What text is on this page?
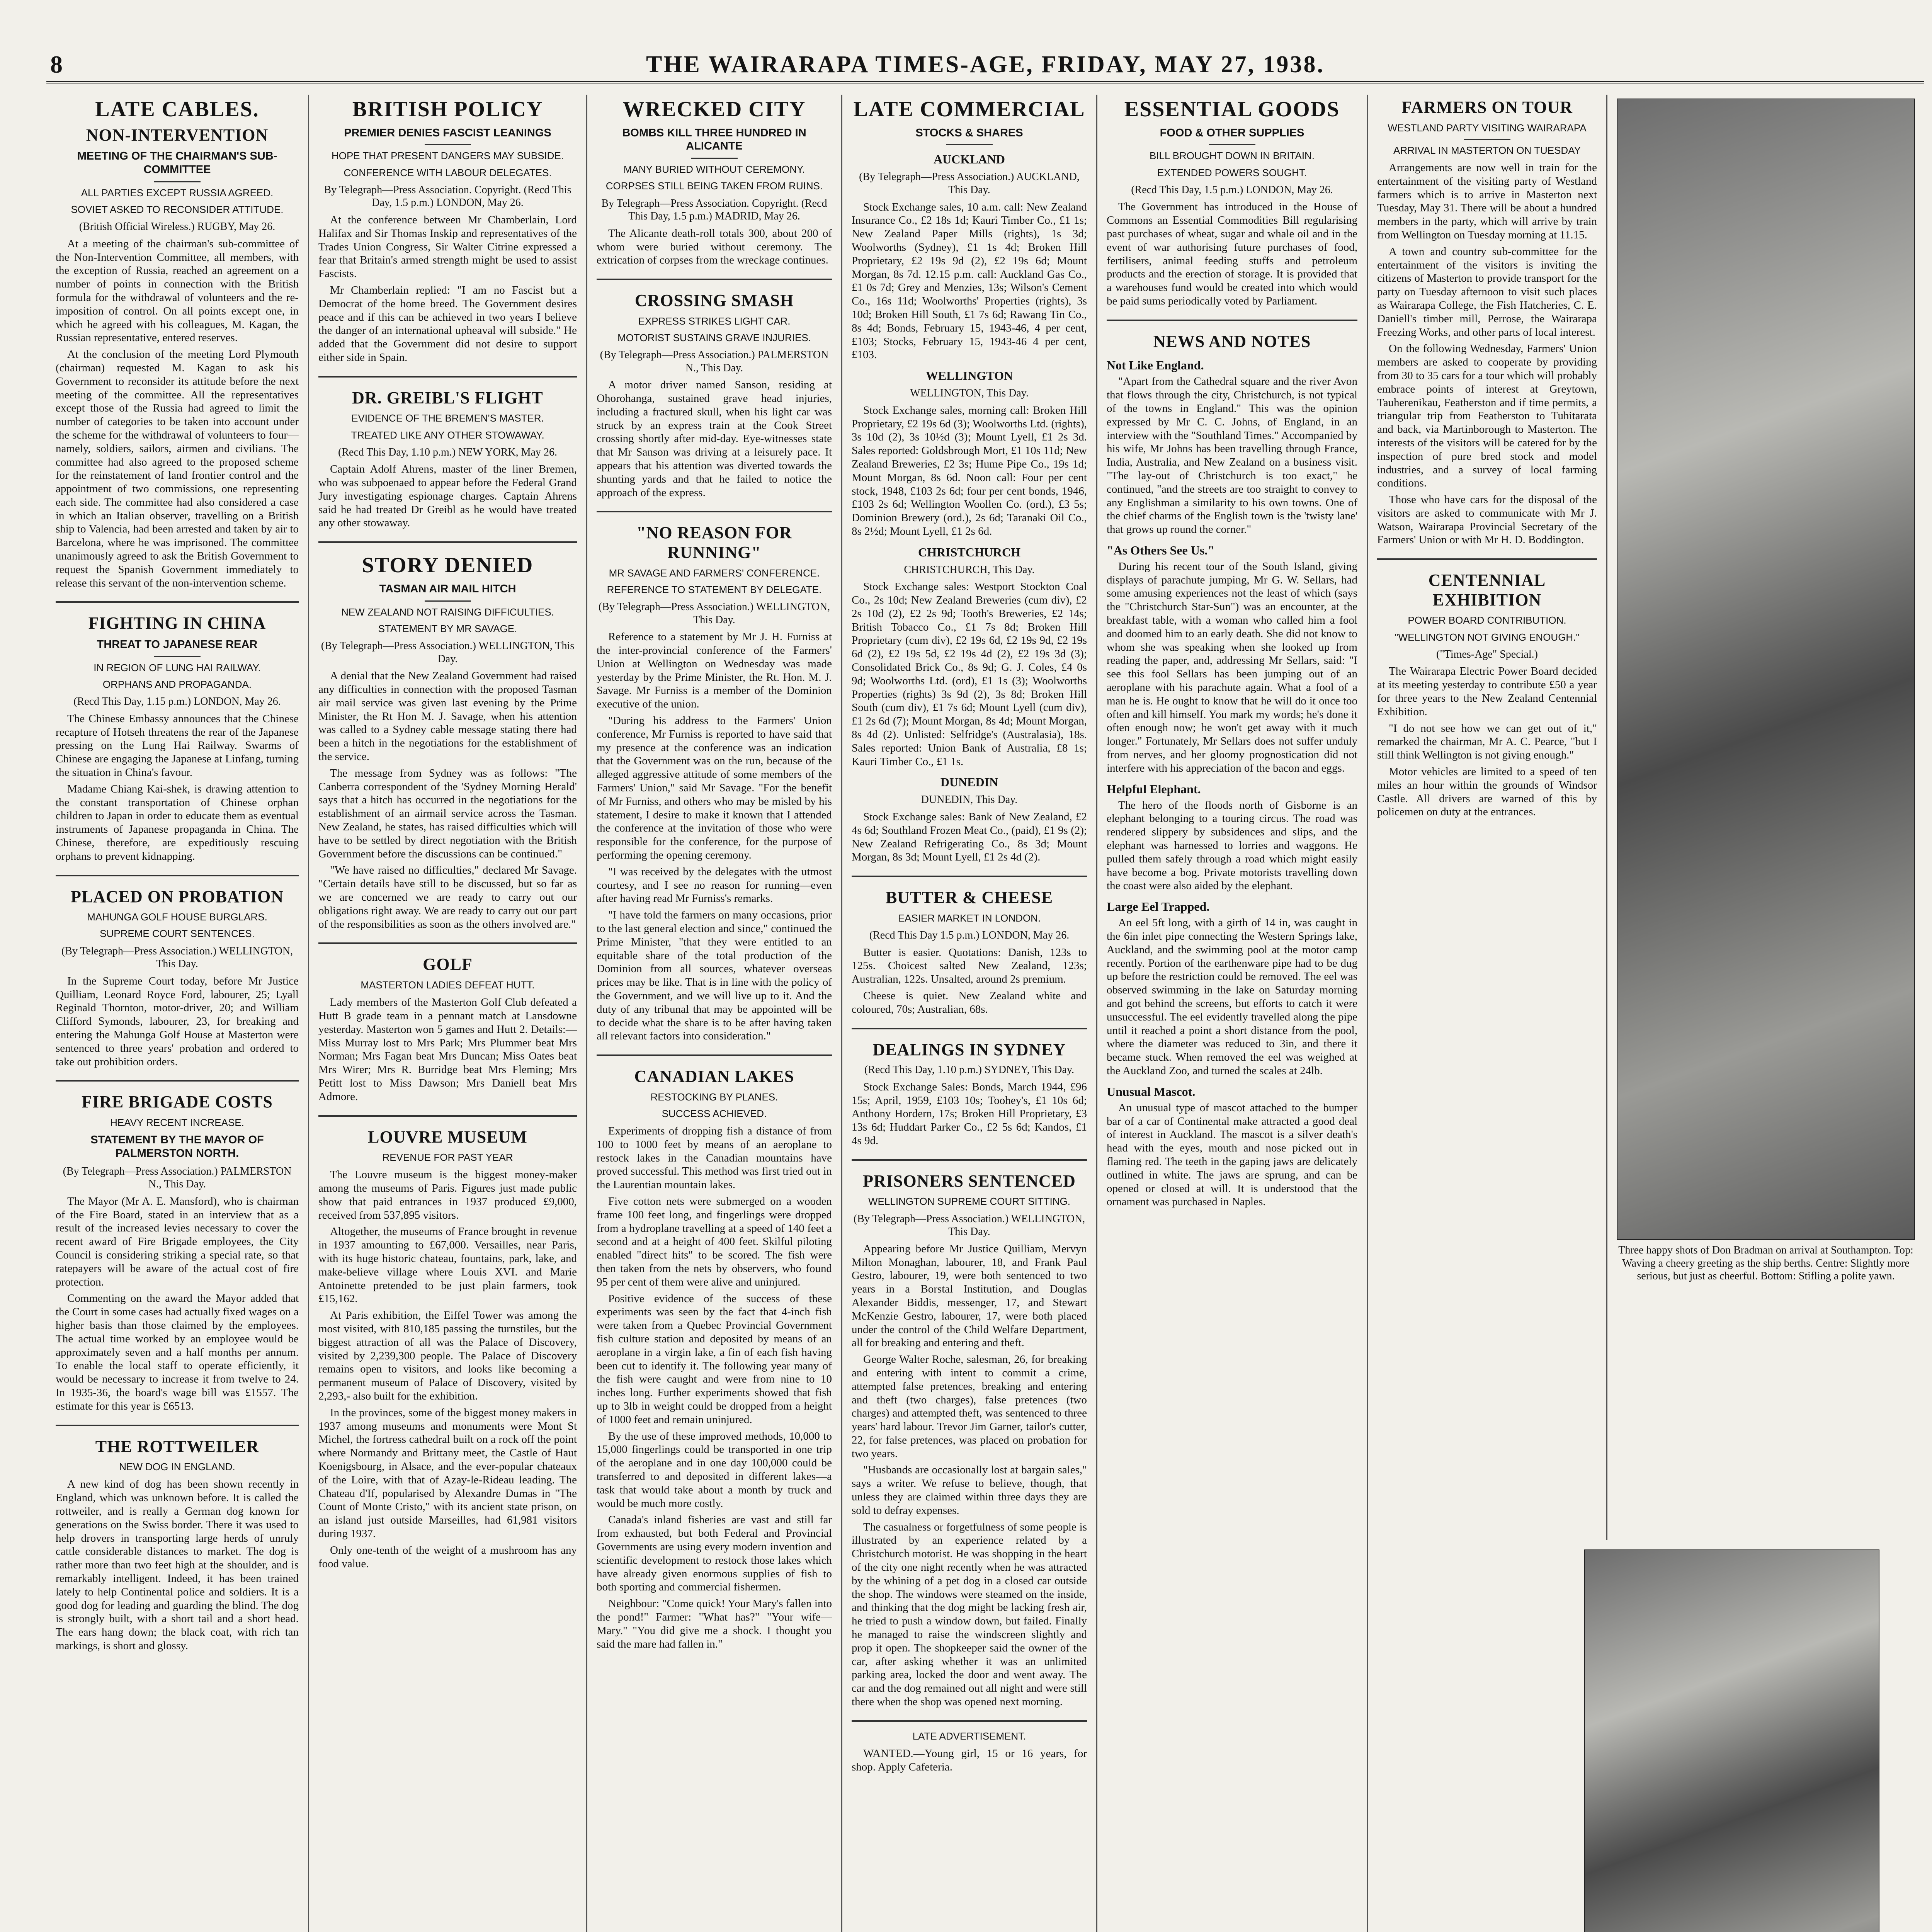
8	THE WAIRARAPA TIMES-AGE, FRIDAY, MAY 27, 1938.
LATE CABLES.
NON-INTERVENTION
MEETING OF THE CHAIRMAN'S SUB-COMMITTEE
ALL PARTIES EXCEPT RUSSIA AGREED.
SOVIET ASKED TO RECONSIDER ATTITUDE.
(British Official Wireless.) RUGBY, May 26.

At a meeting of the chairman's sub-committee of the Non-Intervention Committee, all members, with the exception of Russia, reached an agreement on a number of points in connection with the British formula for the withdrawal of volunteers and the re-imposition of control. On all points except one, in which he agreed with his colleagues, M. Kagan, the Russian representative, entered reserves.

At the conclusion of the meeting Lord Plymouth (chairman) requested M. Kagan to ask his Government to reconsider its attitude before the next meeting of the committee. All the representatives except those of the Russia had agreed to limit the number of categories to be taken into account under the scheme for the withdrawal of volunteers to four—namely, soldiers, sailors, airmen and civilians. The committee had also agreed to the proposed scheme for the reinstatement of land frontier control and the appointment of two commissions, one representing each side. The committee had also considered a case in which an Italian observer, travelling on a British ship to Valencia, had been arrested and taken by air to Barcelona, where he was imprisoned. The committee unanimously agreed to ask the British Government to request the Spanish Government immediately to release this servant of the non-intervention scheme.

FIGHTING IN CHINA
THREAT TO JAPANESE REAR
IN REGION OF LUNG HAI RAILWAY.
ORPHANS AND PROPAGANDA.
(Recd This Day, 1.15 p.m.) LONDON, May 26.

The Chinese Embassy announces that the Chinese recapture of Hotseh threatens the rear of the Japanese pressing on the Lung Hai Railway. Swarms of Chinese are engaging the Japanese at Linfang, turning the situation in China's favour.

Madame Chiang Kai-shek, is drawing attention to the constant transportation of Chinese orphan children to Japan in order to educate them as eventual instruments of Japanese propaganda in China. The Chinese, therefore, are expeditiously rescuing orphans to prevent kidnapping.

PLACED ON PROBATION
MAHUNGA GOLF HOUSE BURGLARS.
SUPREME COURT SENTENCES.
(By Telegraph—Press Association.) WELLINGTON, This Day.

In the Supreme Court today, before Mr Justice Quilliam, Leonard Royce Ford, labourer, 25; Lyall Reginald Thornton, motor-driver, 20; and William Clifford Symonds, labourer, 23, for breaking and entering the Mahunga Golf House at Masterton were sentenced to three years' probation and ordered to take out prohibition orders.

FIRE BRIGADE COSTS
HEAVY RECENT INCREASE.
STATEMENT BY THE MAYOR OF PALMERSTON NORTH.
(By Telegraph—Press Association.) PALMERSTON N., This Day.

The Mayor (Mr A. E. Mansford), who is chairman of the Fire Board, stated in an interview that as a result of the increased levies necessary to cover the recent award of Fire Brigade employees, the City Council is considering striking a special rate, so that ratepayers will be aware of the actual cost of fire protection.

Commenting on the award the Mayor added that the Court in some cases had actually fixed wages on a higher basis than those claimed by the employees. The actual time worked by an employee would be approximately seven and a half months per annum. To enable the local staff to operate efficiently, it would be necessary to increase it from twelve to 24. In 1935-36, the board's wage bill was £1557. The estimate for this year is £6513.

THE ROTTWEILER
NEW DOG IN ENGLAND.

A new kind of dog has been shown recently in England, which was unknown before. It is called the rottweiler, and is really a German dog known for generations on the Swiss border. There it was used to help drovers in transporting large herds of unruly cattle considerable distances to market. The dog is rather more than two feet high at the shoulder, and is remarkably intelligent. Indeed, it has been trained lately to help Continental police and soldiers. It is a good dog for leading and guarding the blind. The dog is strongly built, with a short tail and a short head. The ears hang down; the black coat, with rich tan markings, is short and glossy.

BRITISH POLICY
PREMIER DENIES FASCIST LEANINGS
HOPE THAT PRESENT DANGERS MAY SUBSIDE.
CONFERENCE WITH LABOUR DELEGATES.
By Telegraph—Press Association. Copyright. (Recd This Day, 1.5 p.m.) LONDON, May 26.

At the conference between Mr Chamberlain, Lord Halifax and Sir Thomas Inskip and representatives of the Trades Union Congress, Sir Walter Citrine expressed a fear that Britain's armed strength might be used to assist Fascists.

Mr Chamberlain replied: "I am no Fascist but a Democrat of the home breed. The Government desires peace and if this can be achieved in two years I believe the danger of an international upheaval will subside." He added that the Government did not desire to support either side in Spain.

DR. GREIBL'S FLIGHT
EVIDENCE OF THE BREMEN'S MASTER.
TREATED LIKE ANY OTHER STOWAWAY.
(Recd This Day, 1.10 p.m.) NEW YORK, May 26.

Captain Adolf Ahrens, master of the liner Bremen, who was subpoenaed to appear before the Federal Grand Jury investigating espionage charges. Captain Ahrens said he had treated Dr Greibl as he would have treated any other stowaway.

STORY DENIED
TASMAN AIR MAIL HITCH
NEW ZEALAND NOT RAISING DIFFICULTIES.
STATEMENT BY MR SAVAGE.
(By Telegraph—Press Association.) WELLINGTON, This Day.

A denial that the New Zealand Government had raised any difficulties in connection with the proposed Tasman air mail service was given last evening by the Prime Minister, the Rt Hon M. J. Savage, when his attention was called to a Sydney cable message stating there had been a hitch in the negotiations for the establishment of the service.

The message from Sydney was as follows: "The Canberra correspondent of the 'Sydney Morning Herald' says that a hitch has occurred in the negotiations for the establishment of an airmail service across the Tasman. New Zealand, he states, has raised difficulties which will have to be settled by direct negotiation with the British Government before the discussions can be continued."

"We have raised no difficulties," declared Mr Savage. "Certain details have still to be discussed, but so far as we are concerned we are ready to carry out our obligations right away. We are ready to carry out our part of the responsibilities as soon as the others involved are."

GOLF
MASTERTON LADIES DEFEAT HUTT.

Lady members of the Masterton Golf Club defeated a Hutt B grade team in a pennant match at Lansdowne yesterday. Masterton won 5 games and Hutt 2. Details:—Miss Murray lost to Mrs Park; Mrs Plummer beat Mrs Norman; Mrs Fagan beat Mrs Duncan; Miss Oates beat Mrs Wirer; Mrs R. Burridge beat Mrs Fleming; Mrs Petitt lost to Miss Dawson; Mrs Daniell beat Mrs Admore.

LOUVRE MUSEUM
REVENUE FOR PAST YEAR

The Louvre museum is the biggest money-maker among the museums of Paris. Figures just made public show that paid entrances in 1937 produced £9,000, received from 537,895 visitors.

Altogether, the museums of France brought in revenue in 1937 amounting to £67,000. Versailles, near Paris, with its huge historic chateau, fountains, park, lake, and make-believe village where Louis XVI. and Marie Antoinette pretended to be just plain farmers, took £15,162.

At Paris exhibition, the Eiffel Tower was among the most visited, with 810,185 passing the turnstiles, but the biggest attraction of all was the Palace of Discovery, visited by 2,239,300 people. The Palace of Discovery remains open to visitors, and looks like becoming a permanent museum of Palace of Discovery, visited by 2,293,- also built for the exhibition.

In the provinces, some of the biggest money makers in 1937 among museums and monuments were Mont St Michel, the fortress cathedral built on a rock off the point where Normandy and Brittany meet, the Castle of Haut Koenigsbourg, in Alsace, and the ever-popular chateaux of the Loire, with that of Azay-le-Rideau leading. The Chateau d'If, popularised by Alexandre Dumas in "The Count of Monte Cristo," with its ancient state prison, on an island just outside Marseilles, had 61,981 visitors during 1937.

Only one-tenth of the weight of a mushroom has any food value.

WRECKED CITY
BOMBS KILL THREE HUNDRED IN ALICANTE
MANY BURIED WITHOUT CEREMONY.
CORPSES STILL BEING TAKEN FROM RUINS.
By Telegraph—Press Association. Copyright. (Recd This Day, 1.5 p.m.) MADRID, May 26.

The Alicante death-roll totals 300, about 200 of whom were buried without ceremony. The extrication of corpses from the wreckage continues.

CROSSING SMASH
EXPRESS STRIKES LIGHT CAR.
MOTORIST SUSTAINS GRAVE INJURIES.
(By Telegraph—Press Association.) PALMERSTON N., This Day.

A motor driver named Sanson, residing at Ohorohanga, sustained grave head injuries, including a fractured skull, when his light car was struck by an express train at the Cook Street crossing shortly after mid-day. Eye-witnesses state that Mr Sanson was driving at a leisurely pace. It appears that his attention was diverted towards the shunting yards and that he failed to notice the approach of the express.

"NO REASON FOR RUNNING"
MR SAVAGE AND FARMERS' CONFERENCE.
REFERENCE TO STATEMENT BY DELEGATE.
(By Telegraph—Press Association.) WELLINGTON, This Day.

Reference to a statement by Mr J. H. Furniss at the inter-provincial conference of the Farmers' Union at Wellington on Wednesday was made yesterday by the Prime Minister, the Rt. Hon. M. J. Savage. Mr Furniss is a member of the Dominion executive of the union.

"During his address to the Farmers' Union conference, Mr Furniss is reported to have said that my presence at the conference was an indication that the Government was on the run, because of the alleged aggressive attitude of some members of the Farmers' Union," said Mr Savage. "For the benefit of Mr Furniss, and others who may be misled by his statement, I desire to make it known that I attended the conference at the invitation of those who were responsible for the conference, for the purpose of performing the opening ceremony.

"I was received by the delegates with the utmost courtesy, and I see no reason for running—even after having read Mr Furniss's remarks.

"I have told the farmers on many occasions, prior to the last general election and since," continued the Prime Minister, "that they were entitled to an equitable share of the total production of the Dominion from all sources, whatever overseas prices may be like. That is in line with the policy of the Government, and we will live up to it. And the duty of any tribunal that may be appointed will be to decide what the share is to be after having taken all relevant factors into consideration."

CANADIAN LAKES
RESTOCKING BY PLANES.
SUCCESS ACHIEVED.

Experiments of dropping fish a distance of from 100 to 1000 feet by means of an aeroplane to restock lakes in the Canadian mountains have proved successful. This method was first tried out in the Laurentian mountain lakes.

Five cotton nets were submerged on a wooden frame 100 feet long, and fingerlings were dropped from a hydroplane travelling at a speed of 140 feet a second and at a height of 400 feet. Skilful piloting enabled "direct hits" to be scored. The fish were then taken from the nets by observers, who found 95 per cent of them were alive and uninjured.

Positive evidence of the success of these experiments was seen by the fact that 4-inch fish were taken from a Quebec Provincial Government fish culture station and deposited by means of an aeroplane in a virgin lake, a fin of each fish having been cut to identify it. The following year many of the fish were caught and were from nine to 10 inches long. Further experiments showed that fish up to 3lb in weight could be dropped from a height of 1000 feet and remain uninjured.

By the use of these improved methods, 10,000 to 15,000 fingerlings could be transported in one trip of the aeroplane and in one day 100,000 could be transferred to and deposited in different lakes—a task that would take about a month by truck and would be much more costly.

Canada's inland fisheries are vast and still far from exhausted, but both Federal and Provincial Governments are using every modern invention and scientific development to restock those lakes which have already given enormous supplies of fish to both sporting and commercial fishermen.

Neighbour: "Come quick! Your Mary's fallen into the pond!" Farmer: "What has?" "Your wife—Mary." "You did give me a shock. I thought you said the mare had fallen in."

LATE COMMERCIAL
STOCKS & SHARES
AUCKLAND
(By Telegraph—Press Association.) AUCKLAND, This Day.

Stock Exchange sales, 10 a.m. call: New Zealand Insurance Co., £2 18s 1d; Kauri Timber Co., £1 1s; New Zealand Paper Mills (rights), 1s 3d; Woolworths (Sydney), £1 1s 4d; Broken Hill Proprietary, £2 19s 9d (2), £2 19s 6d; Mount Morgan, 8s 7d. 12.15 p.m. call: Auckland Gas Co., £1 0s 7d; Grey and Menzies, 13s; Wilson's Cement Co., 16s 11d; Woolworths' Properties (rights), 3s 10d; Broken Hill South, £1 7s 6d; Rawang Tin Co., 8s 4d; Bonds, February 15, 1943-46, 4 per cent, £103; Stocks, February 15, 1943-46 4 per cent, £103.

WELLINGTON
WELLINGTON, This Day.

Stock Exchange sales, morning call: Broken Hill Proprietary, £2 19s 6d (3); Woolworths Ltd. (rights), 3s 10d (2), 3s 10½d (3); Mount Lyell, £1 2s 3d. Sales reported: Goldsbrough Mort, £1 10s 11d; New Zealand Breweries, £2 3s; Hume Pipe Co., 19s 1d; Mount Morgan, 8s 6d. Noon call: Four per cent stock, 1948, £103 2s 6d; four per cent bonds, 1946, £103 2s 6d; Wellington Woollen Co. (ord.), £3 5s; Dominion Brewery (ord.), 2s 6d; Taranaki Oil Co., 8s 2½d; Mount Lyell, £1 2s 6d.

CHRISTCHURCH
CHRISTCHURCH, This Day.

Stock Exchange sales: Westport Stockton Coal Co., 2s 10d; New Zealand Breweries (cum div), £2 2s 10d (2), £2 2s 9d; Tooth's Breweries, £2 14s; British Tobacco Co., £1 7s 8d; Broken Hill Proprietary (cum div), £2 19s 6d, £2 19s 9d, £2 19s 6d (2), £2 19s 5d, £2 19s 4d (2), £2 19s 3d (3); Consolidated Brick Co., 8s 9d; G. J. Coles, £4 0s 9d; Woolworths Ltd. (ord), £1 1s (3); Woolworths Properties (rights) 3s 9d (2), 3s 8d; Broken Hill South (cum div), £1 7s 6d; Mount Lyell (cum div), £1 2s 6d (7); Mount Morgan, 8s 4d; Mount Morgan, 8s 4d (2). Unlisted: Selfridge's (Australasia), 18s. Sales reported: Union Bank of Australia, £8 1s; Kauri Timber Co., £1 1s.

DUNEDIN
DUNEDIN, This Day.

Stock Exchange sales: Bank of New Zealand, £2 4s 6d; Southland Frozen Meat Co., (paid), £1 9s (2); New Zealand Refrigerating Co., 8s 3d; Mount Morgan, 8s 3d; Mount Lyell, £1 2s 4d (2).

BUTTER & CHEESE
EASIER MARKET IN LONDON.
(Recd This Day 1.5 p.m.) LONDON, May 26.

Butter is easier. Quotations: Danish, 123s to 125s. Choicest salted New Zealand, 123s; Australian, 122s. Unsalted, around 2s premium.

Cheese is quiet. New Zealand white and coloured, 70s; Australian, 68s.

DEALINGS IN SYDNEY
(Recd This Day, 1.10 p.m.) SYDNEY, This Day.

Stock Exchange Sales: Bonds, March 1944, £96 15s; April, 1959, £103 10s; Toohey's, £1 10s 6d; Anthony Hordern, 17s; Broken Hill Proprietary, £3 13s 6d; Huddart Parker Co., £2 5s 6d; Kandos, £1 4s 9d.

PRISONERS SENTENCED
WELLINGTON SUPREME COURT SITTING.
(By Telegraph—Press Association.) WELLINGTON, This Day.

Appearing before Mr Justice Quilliam, Mervyn Milton Monaghan, labourer, 18, and Frank Paul Gestro, labourer, 19, were both sentenced to two years in a Borstal Institution, and Douglas Alexander Biddis, messenger, 17, and Stewart McKenzie Gestro, labourer, 17, were both placed under the control of the Child Welfare Department, all for breaking and entering and theft.

George Walter Roche, salesman, 26, for breaking and entering with intent to commit a crime, attempted false pretences, breaking and entering and theft (two charges), false pretences (two charges) and attempted theft, was sentenced to three years' hard labour. Trevor Jim Garner, tailor's cutter, 22, for false pretences, was placed on probation for two years.

"Husbands are occasionally lost at bargain sales," says a writer. We refuse to believe, though, that unless they are claimed within three days they are sold to defray expenses.

The casualness or forgetfulness of some people is illustrated by an experience related by a Christchurch motorist. He was shopping in the heart of the city one night recently when he was attracted by the whining of a pet dog in a closed car outside the shop. The windows were steamed on the inside, and thinking that the dog might be lacking fresh air, he tried to push a window down, but failed. Finally he managed to raise the windscreen slightly and prop it open. The shopkeeper said the owner of the car, after asking whether it was an unlimited parking area, locked the door and went away. The car and the dog remained out all night and were still there when the shop was opened next morning.

LATE ADVERTISEMENT.

WANTED.—Young girl, 15 or 16 years, for shop. Apply Cafeteria.

ESSENTIAL GOODS
FOOD & OTHER SUPPLIES
BILL BROUGHT DOWN IN BRITAIN.
EXTENDED POWERS SOUGHT.
(Recd This Day, 1.5 p.m.) LONDON, May 26.

The Government has introduced in the House of Commons an Essential Commodities Bill regularising past purchases of wheat, sugar and whale oil and in the event of war authorising future purchases of food, fertilisers, animal feeding stuffs and petroleum products and the erection of storage. It is provided that a warehouses fund would be created into which would be paid sums periodically voted by Parliament.

NEWS AND NOTES
Not Like England.

"Apart from the Cathedral square and the river Avon that flows through the city, Christchurch, is not typical of the towns in England." This was the opinion expressed by Mr C. C. Johns, of England, in an interview with the "Southland Times." Accompanied by his wife, Mr Johns has been travelling through France, India, Australia, and New Zealand on a business visit. "The lay-out of Christchurch is too exact," he continued, "and the streets are too straight to convey to any Englishman a similarity to his own towns. One of the chief charms of the English town is the 'twisty lane' that grows up round the corner."

"As Others See Us."

During his recent tour of the South Island, giving displays of parachute jumping, Mr G. W. Sellars, had some amusing experiences not the least of which (says the "Christchurch Star-Sun") was an encounter, at the breakfast table, with a woman who called him a fool and doomed him to an early death. She did not know to whom she was speaking when she looked up from reading the paper, and, addressing Mr Sellars, said: "I see this fool Sellars has been jumping out of an aeroplane with his parachute again. What a fool of a man he is. He ought to know that he will do it once too often and kill himself. You mark my words; he's done it often enough now; he won't get away with it much longer." Fortunately, Mr Sellars does not suffer unduly from nerves, and her gloomy prognostication did not interfere with his appreciation of the bacon and eggs.

Helpful Elephant.

The hero of the floods north of Gisborne is an elephant belonging to a touring circus. The road was rendered slippery by subsidences and slips, and the elephant was harnessed to lorries and waggons. He pulled them safely through a road which might easily have become a bog. Private motorists travelling down the coast were also aided by the elephant.

Large Eel Trapped.

An eel 5ft long, with a girth of 14 in, was caught in the 6in inlet pipe connecting the Western Springs lake, Auckland, and the swimming pool at the motor camp recently. Portion of the earthenware pipe had to be dug up before the restriction could be removed. The eel was observed swimming in the lake on Saturday morning and got behind the screens, but efforts to catch it were unsuccessful. The eel evidently travelled along the pipe until it reached a point a short distance from the pool, where the diameter was reduced to 3in, and there it became stuck. When removed the eel was weighed at the Auckland Zoo, and turned the scales at 24lb.

Unusual Mascot.

An unusual type of mascot attached to the bumper bar of a car of Continental make attracted a good deal of interest in Auckland. The mascot is a silver death's head with the eyes, mouth and nose picked out in flaming red. The teeth in the gaping jaws are delicately outlined in white. The jaws are sprung, and can be opened or closed at will. It is understood that the ornament was purchased in Naples.

FARMERS ON TOUR
WESTLAND PARTY VISITING WAIRARAPA
ARRIVAL IN MASTERTON ON TUESDAY

Arrangements are now well in train for the entertainment of the visiting party of Westland farmers which is to arrive in Masterton next Tuesday, May 31. There will be about a hundred members in the party, which will arrive by train from Wellington on Tuesday morning at 11.15.

A town and country sub-committee for the entertainment of the visitors is inviting the citizens of Masterton to provide transport for the party on Tuesday afternoon to visit such places as Wairarapa College, the Fish Hatcheries, C. E. Daniell's timber mill, Perrose, the Wairarapa Freezing Works, and other parts of local interest.

On the following Wednesday, Farmers' Union members are asked to cooperate by providing from 30 to 35 cars for a tour which will probably embrace points of interest at Greytown, Tauherenikau, Featherston and if time permits, a triangular trip from Featherston to Tuhitarata and back, via Martinborough to Masterton. The interests of the visitors will be catered for by the inspection of pure bred stock and model industries, and a survey of local farming conditions.

Those who have cars for the disposal of the visitors are asked to communicate with Mr J. Watson, Wairarapa Provincial Secretary of the Farmers' Union or with Mr H. D. Boddington.

CENTENNIAL EXHIBITION
POWER BOARD CONTRIBUTION.
"WELLINGTON NOT GIVING ENOUGH."
("Times-Age" Special.)

The Wairarapa Electric Power Board decided at its meeting yesterday to contribute £50 a year for three years to the New Zealand Centennial Exhibition.

"I do not see how we can get out of it," remarked the chairman, Mr A. C. Pearce, "but I still think Wellington is not giving enough."

Motor vehicles are limited to a speed of ten miles an hour within the grounds of Windsor Castle. All drivers are warned of this by policemen on duty at the entrances.

Three happy shots of Don Bradman on arrival at Southampton. Top: Waving a cheery greeting as the ship berths. Centre: Slightly more serious, but just as cheerful. Bottom: Stifling a polite yawn.
